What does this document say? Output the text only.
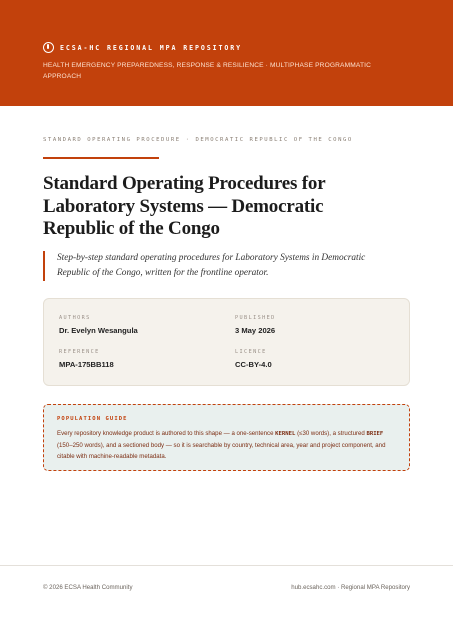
ECSA-HC REGIONAL MPA REPOSITORY
HEALTH EMERGENCY PREPAREDNESS, RESPONSE & RESILIENCE · MULTIPHASE PROGRAMMATIC APPROACH
STANDARD OPERATING PROCEDURE · DEMOCRATIC REPUBLIC OF THE CONGO
Standard Operating Procedures for Laboratory Systems — Democratic Republic of the Congo

Step-by-step standard operating procedures for Laboratory Systems in Democratic Republic of the Congo, written for the frontline operator.

AUTHORS
Dr. Evelyn Wesangula
PUBLISHED
3 May 2026
REFERENCE
MPA-175BB118
LICENCE
CC-BY-4.0
POPULATION GUIDE

Every repository knowledge product is authored to this shape — a one-sentence KERNEL (≤30 words), a structured BRIEF (150–250 words), and a sectioned body — so it is searchable by country, technical area, year and project component, and citable with machine-readable metadata.

© 2026 ECSA Health Community	hub.ecsahc.com · Regional MPA Repository
